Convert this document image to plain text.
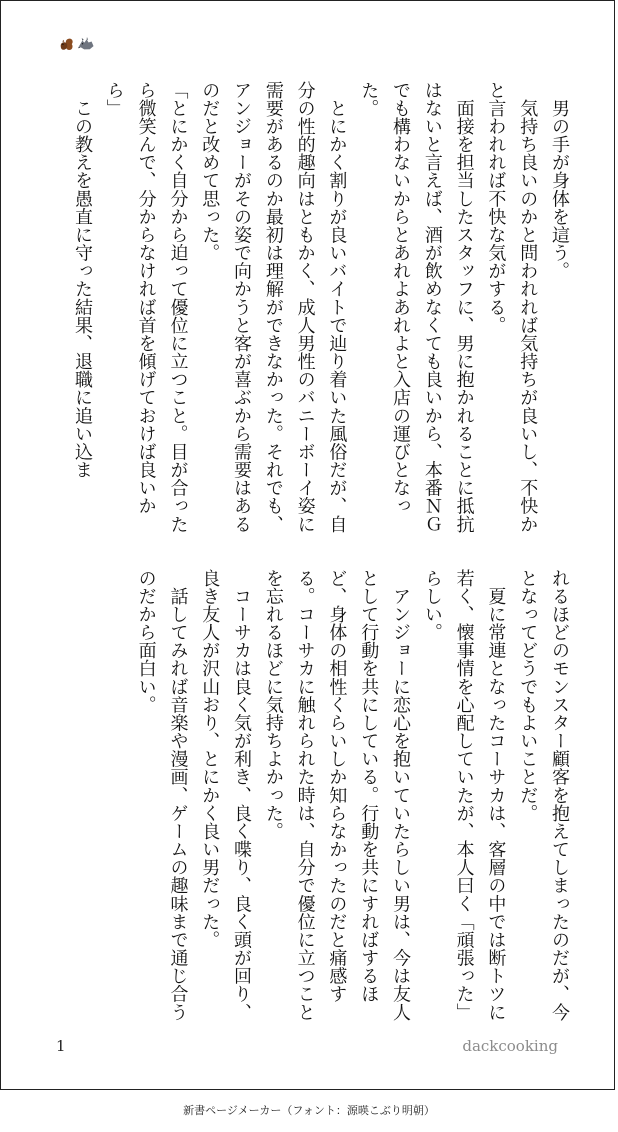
　男の手が身体を這う。

　気持ち良いのかと問われれば気持ちが良いし、不快かと言われれば不快な気がする。

　面接を担当したスタッフに、男に抱かれることに抵抗はないと言えば、酒が飲めなくても良いから、本番ＮＧでも構わないからとあれよあれよと入店の運びとなった。

　とにかく割りが良いバイトで辿り着いた風俗だが、自分の性的趣向はともかく、成人男性のバニーボーイ姿に需要があるのか最初は理解ができなかった。それでも、アンジョーがその姿で向かうと客が喜ぶから需要はあるのだと改めて思った。

「とにかく自分から迫って優位に立つこと。目が合ったら微笑んで、分からなければ首を傾げておけば良いから」

　この教えを愚直に守った結果、退職に追い込ま

れるほどのモンスター顧客を抱えてしまったのだが、今となってどうでもよいことだ。

　夏に常連となったコーサカは、客層の中では断トツに若く、懐事情を心配していたが、本人曰く「頑張った」らしい。

　アンジョーに恋心を抱いていたらしい男は、今は友人として行動を共にしている。行動を共にすればするほど、身体の相性くらいしか知らなかったのだと痛感する。コーサカに触れられた時は、自分で優位に立つことを忘れるほどに気持ちよかった。

　コーサカは良く気が利き、良く喋り、良く頭が回り、良き友人が沢山おり、とにかく良い男だった。

　話してみれば音楽や漫画、ゲームの趣味まで通じ合うのだから面白い。

1	dackcooking
新書ページメーカー（フォント：源暎こぶり明朝）
